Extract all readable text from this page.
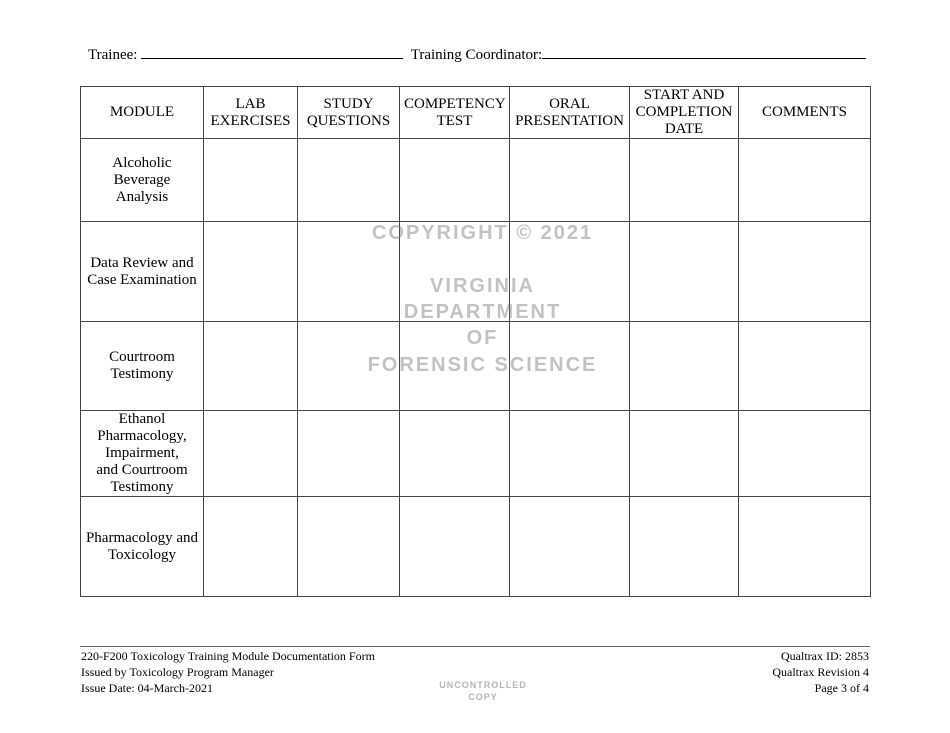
Trainee:	Training Coordinator:
MODULE	LAB EXERCISES	STUDY QUESTIONS	COMPETENCY TEST	ORAL PRESENTATION	START AND COMPLETION DATE	COMMENTS
Alcoholic Beverage Analysis						
Data Review and Case Examination						
Courtroom Testimony						
Ethanol Pharmacology, Impairment, and Courtroom Testimony						
Pharmacology and Toxicology						
COPYRIGHT © 2021
VIRGINIA
DEPARTMENT
OF
FORENSIC SCIENCE
220-F200 Toxicology Training Module Documentation Form
Issued by Toxicology Program Manager
Issue Date: 04-March-2021
Qualtrax ID: 2853
Qualtrax Revision 4
Page 3 of 4
UNCONTROLLED
COPY
